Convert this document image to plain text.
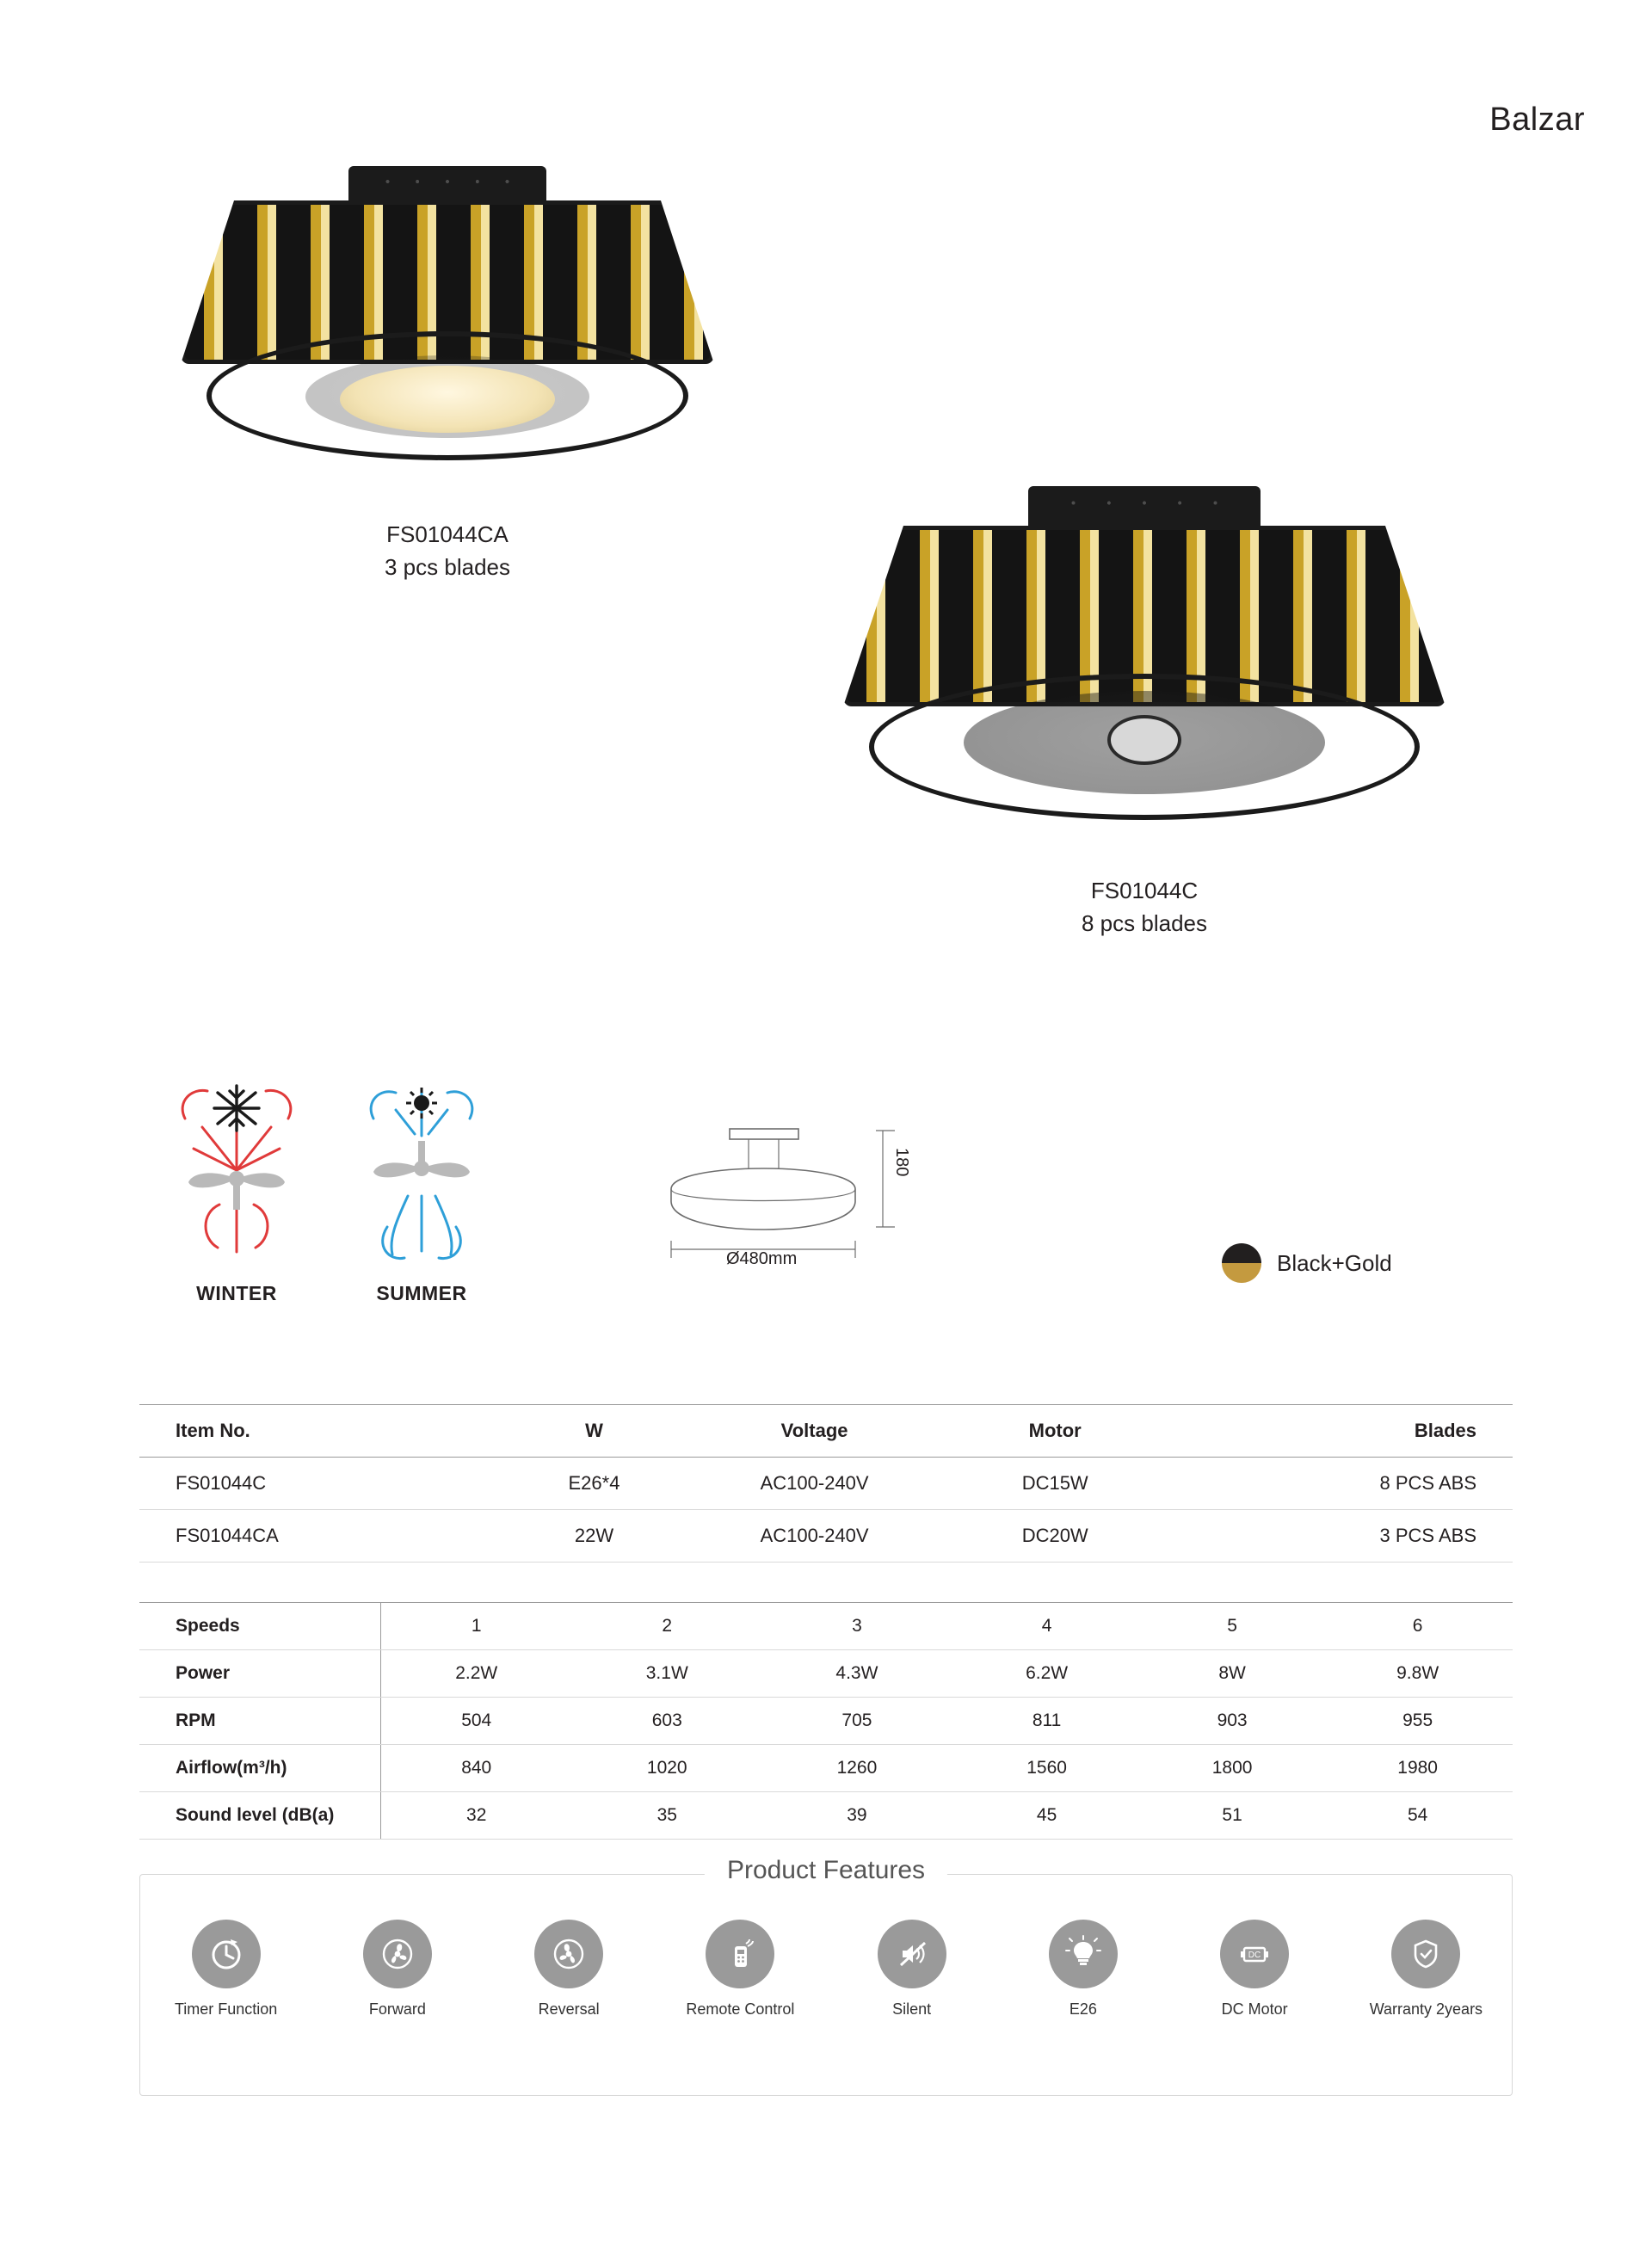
Balzar
FS01044CA
3 pcs blades
FS01044C
8 pcs blades
WINTER	SUMMER
180
Ø480mm	Black+Gold
Item No.	W	Voltage	Motor	Blades
FS01044C	E26*4	AC100-240V	DC15W	8 PCS ABS
FS01044CA	22W	AC100-240V	DC20W	3 PCS ABS
Speeds	1	2	3	4	5	6
Power	2.2W	3.1W	4.3W	6.2W	8W	9.8W
RPM	504	603	705	811	903	955
Airflow(m³/h)	840	1020	1260	1560	1800	1980
Sound level (dB(a)	32	35	39	45	51	54
Product Features
Timer Function	Forward	Reversal	Remote Control	Silent	E26
DC
DC Motor	Warranty 2years
